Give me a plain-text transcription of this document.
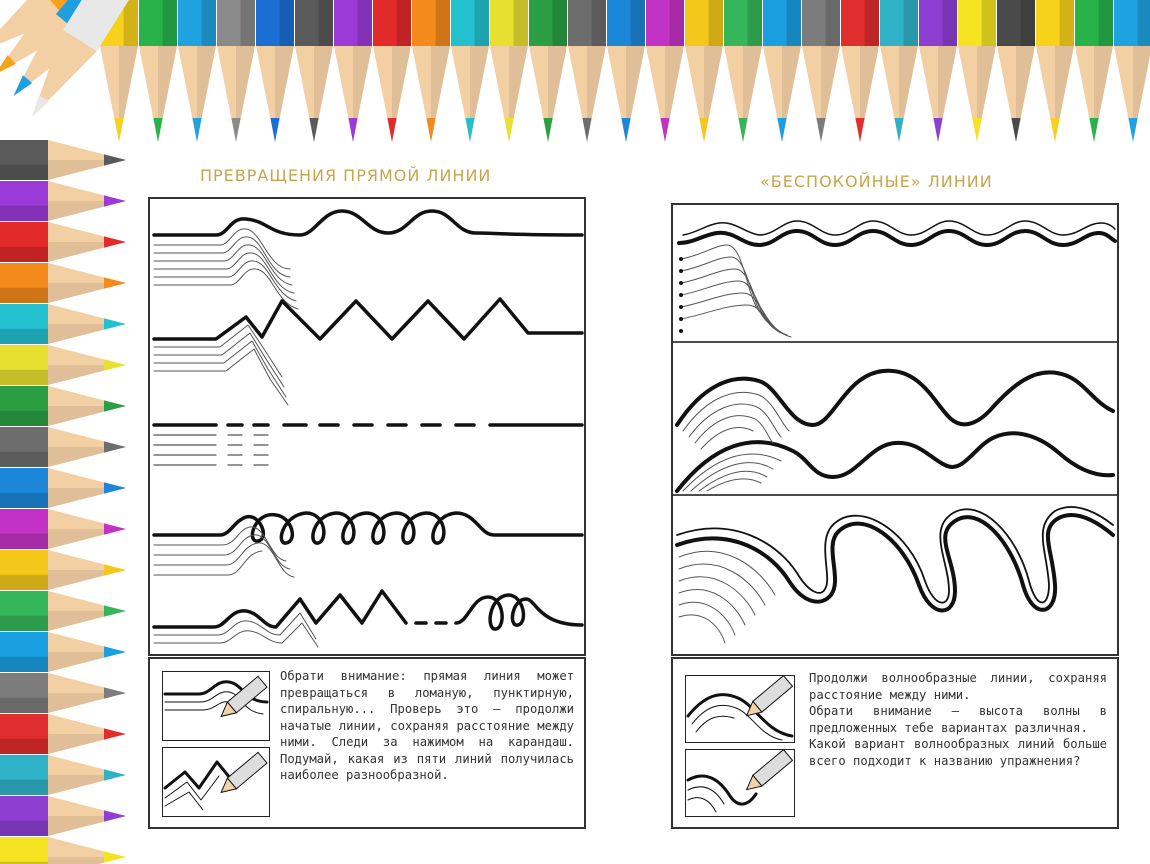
ПРЕВРАЩЕНИЯ ПРЯМОЙ ЛИНИИ	«БЕСПОКОЙНЫЕ» ЛИНИИ

Обрати внимание: прямая линия может превращаться в ломаную, пунктирную, спиральную... Проверь это – продолжи начатые линии, сохраняя расстояние между ними. Следи за нажимом на карандаш. Подумай, какая из пяти линий получилась наиболее разнообразной.

Продолжи волнообразные линии, сохраняя расстояние между ними.

Обрати внимание – высота волны в предложенных тебе вариантах различная.

Какой вариант волнообразных линий больше всего подходит к названию упражнения?
